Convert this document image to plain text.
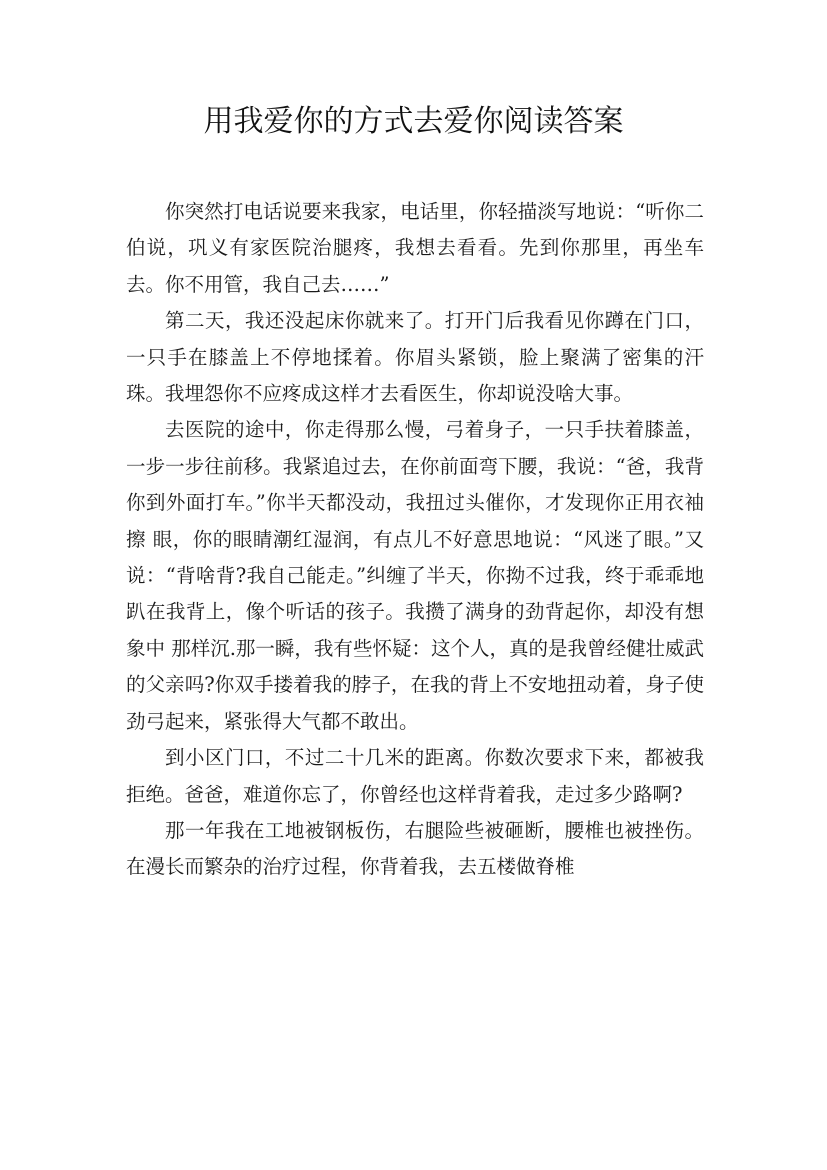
用我爱你的方式去爱你阅读答案

你突然打电话说要来我家，电话里，你轻描淡写地说：“听你二伯说，巩义有家医院治腿疼，我想去看看。先到你那里，再坐车去。你不用管，我自己去……”

第二天，我还没起床你就来了。打开门后我看见你蹲在门口，一只手在膝盖上不停地揉着。你眉头紧锁，脸上聚满了密集的汗珠。我埋怨你不应疼成这样才去看医生，你却说没啥大事。

去医院的途中，你走得那么慢，弓着身子，一只手扶着膝盖，一步一步往前移。我紧追过去，在你前面弯下腰，我说：“爸，我背你到外面打车。”你半天都没动，我扭过头催你，才发现你正用衣袖擦 眼，你的眼睛潮红湿润，有点儿不好意思地说：“风迷了眼。”又说：“背啥背?我自己能走。”纠缠了半天，你拗不过我，终于乖乖地趴在我背上，像个听话的孩子。我攒了满身的劲背起你，却没有想象中 那样沉.那一瞬，我有些怀疑：这个人，真的是我曾经健壮威武的父亲吗?你双手搂着我的脖子，在我的背上不安地扭动着，身子使劲弓起来，紧张得大气都不敢出。

到小区门口，不过二十几米的距离。你数次要求下来，都被我拒绝。爸爸，难道你忘了，你曾经也这样背着我，走过多少路啊?

那一年我在工地被钢板伤，右腿险些被砸断，腰椎也被挫伤。在漫长而繁杂的治疗过程，你背着我，去五楼做脊椎
